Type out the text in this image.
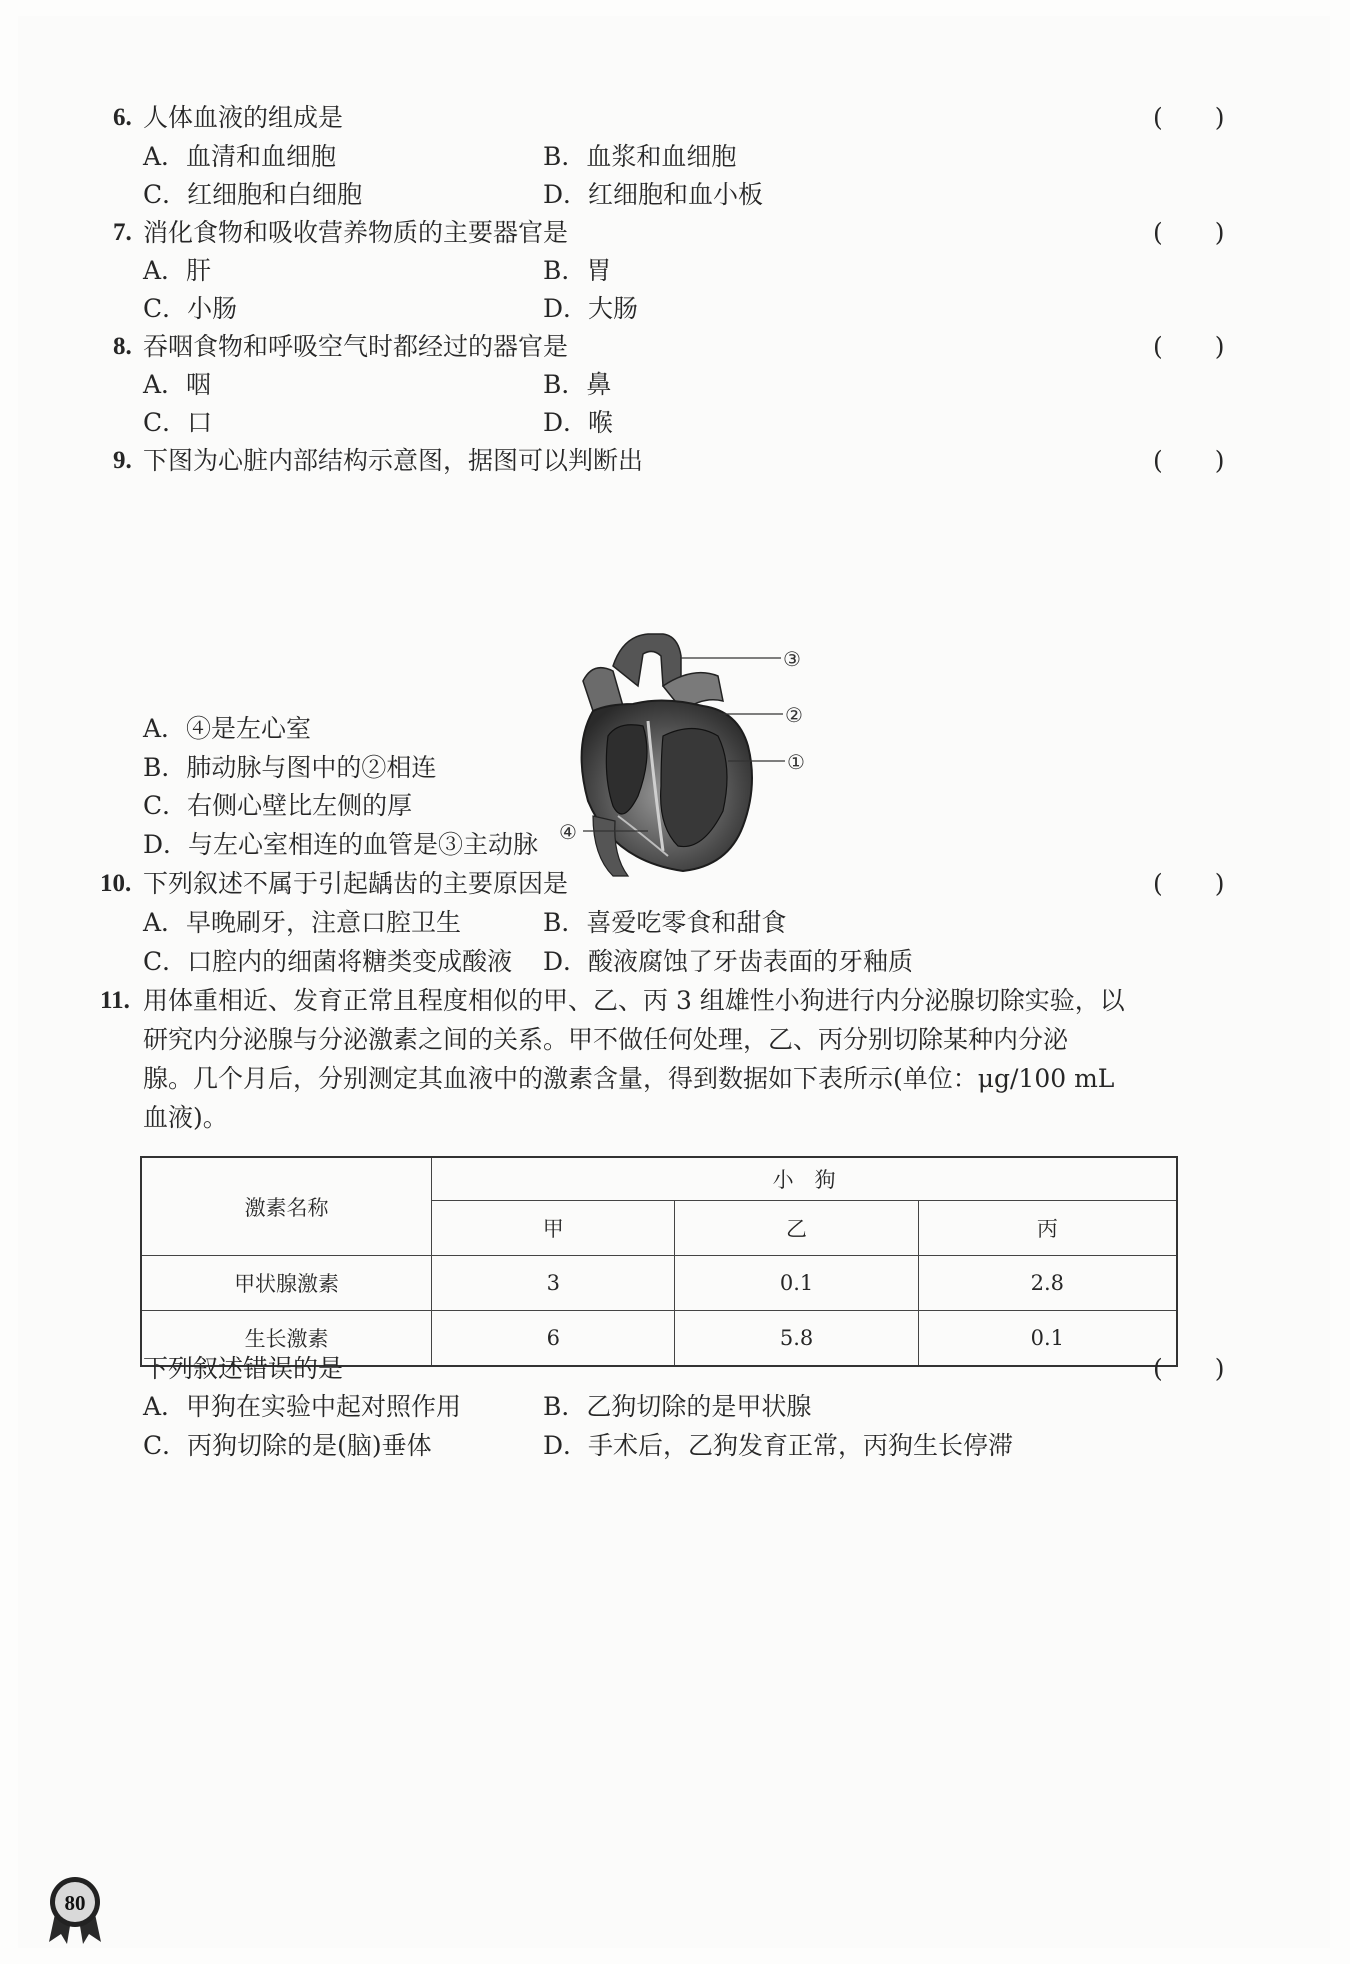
6. 人体血液的组成是	( )
A．血清和血细胞	B．血浆和血细胞
C．红细胞和白细胞	D．红细胞和血小板
7. 消化食物和吸收营养物质的主要器官是	( )
A．肝	B．胃
C．小肠	D．大肠
8. 吞咽食物和呼吸空气时都经过的器官是	( )
A．咽	B．鼻
C．口	D．喉
9. 下图为心脏内部结构示意图，据图可以判断出	( )
③
②
①
④
A．④是左心室
B．肺动脉与图中的②相连
C．右侧心壁比左侧的厚
D．与左心室相连的血管是③主动脉
10. 下列叙述不属于引起龋齿的主要原因是	( )
A．早晚刷牙，注意口腔卫生	B．喜爱吃零食和甜食
C．口腔内的细菌将糖类变成酸液 D．酸液腐蚀了牙齿表面的牙釉质
11. 用体重相近、发育正常且程度相似的甲、乙、丙 3 组雄性小狗进行内分泌腺切除实验，以
研究内分泌腺与分泌激素之间的关系。甲不做任何处理，乙、丙分别切除某种内分泌
腺。几个月后，分别测定其血液中的激素含量，得到数据如下表所示(单位：μg/100 mL
血液)。
激素名称	小　狗		
	甲	乙	丙
甲状腺激素	3	0.1	2.8
生长激素	6	5.8	0.1
下列叙述错误的是	( )
A．甲狗在实验中起对照作用	B．乙狗切除的是甲状腺
C．丙狗切除的是(脑)垂体	D．手术后，乙狗发育正常，丙狗生长停滞
80
